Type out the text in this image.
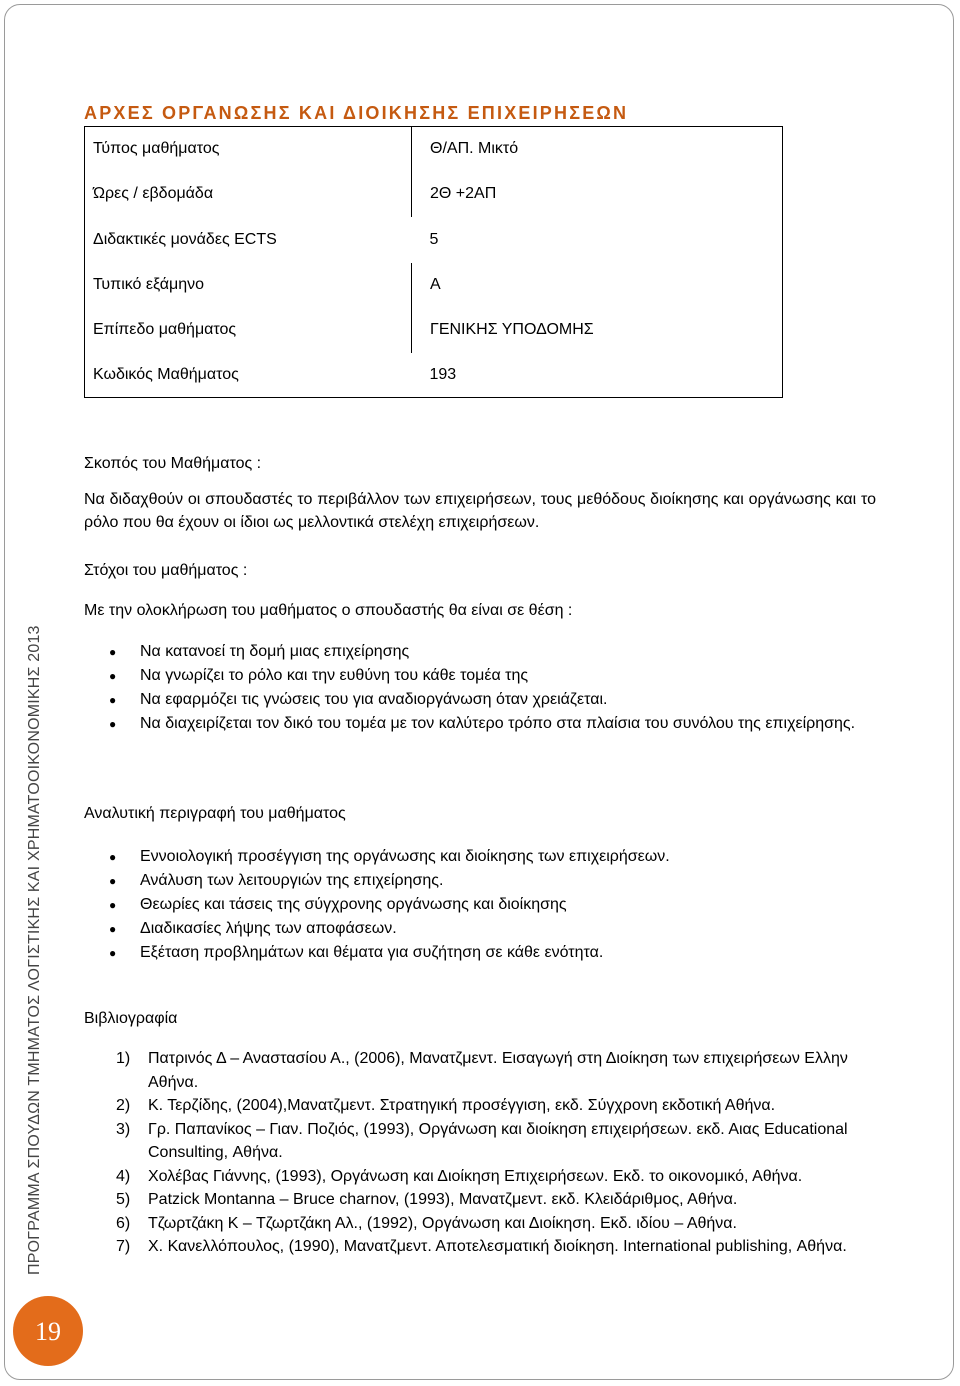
ΠΡΟΓΡΑΜΜΑ ΣΠΟΥΔΩΝ ΤΜΗΜΑΤΟΣ ΛΟΓΙΣΤΙΚΗΣ ΚΑΙ ΧΡΗΜΑΤΟΟΙΚΟΝΟΜΙΚΗΣ 2013
19
ΑΡΧΕΣ ΟΡΓΑΝΩΣΗΣ ΚΑΙ ΔΙΟΙΚΗΣΗΣ ΕΠΙΧΕΙΡΗΣΕΩΝ
Τύπος μαθήματος	Θ/ΑΠ. Μικτό
Ώρες / εβδομάδα	2Θ +2ΑΠ
Διδακτικές μονάδες ECTS	5
Τυπικό εξάμηνο	Α
Επίπεδο μαθήματος	ΓΕΝΙΚΗΣ ΥΠΟΔΟΜΗΣ
Κωδικός Μαθήματος	193
Σκοπός του Μαθήματος :

Να διδαχθούν οι σπουδαστές το περιβάλλον των επιχειρήσεων, τους μεθόδους διοίκησης και οργάνωσης και το ρόλο που θα έχουν οι ίδιοι ως μελλοντικά στελέχη επιχειρήσεων.

Στόχοι του μαθήματος :
Με την ολοκλήρωση του μαθήματος ο σπουδαστής θα είναι σε θέση :
● Να κατανοεί τη δομή μιας επιχείρησης
● Να γνωρίζει το ρόλο και την ευθύνη του κάθε τομέα της
● Να εφαρμόζει τις γνώσεις του για αναδιοργάνωση όταν χρειάζεται.
● Να διαχειρίζεται τον δικό του τομέα με τον καλύτερο τρόπο στα πλαίσια του συνόλου της επιχείρησης.
Αναλυτική περιγραφή του μαθήματος
● Εννοιολογική προσέγγιση της οργάνωσης και διοίκησης των επιχειρήσεων.
● Ανάλυση των λειτουργιών της επιχείρησης.
● Θεωρίες και τάσεις της σύγχρονης οργάνωσης και διοίκησης
● Διαδικασίες λήψης των αποφάσεων.
● Εξέταση προβλημάτων και θέματα για συζήτηση σε κάθε ενότητα.
Βιβλιογραφία
1) Πατρινός Δ – Αναστασίου Α., (2006), Μανατζμεντ. Εισαγωγή στη Διοίκηση των επιχειρήσεων Ελλην Αθήνα.
2) Κ. Τερζίδης, (2004),Μανατζμεντ. Στρατηγική προσέγγιση, εκδ. Σύγχρονη εκδοτική Αθήνα.
3) Γρ. Παπανίκος – Γιαν. Ποζιός, (1993), Οργάνωση και διοίκηση επιχειρήσεων. εκδ. Αιας Educational Consulting, Αθήνα.
4) Χολέβας Γιάννης, (1993), Οργάνωση και Διοίκηση Επιχειρήσεων. Εκδ. το οικονομικό, Αθήνα.
5) Patzick Montanna – Bruce charnov, (1993), Μανατζμεντ. εκδ. Κλειδάριθμος, Αθήνα.
6) Τζωρτζάκη Κ – Τζωρτζάκη Αλ., (1992), Οργάνωση και Διοίκηση. Εκδ. ιδίου – Αθήνα.
7) Χ. Κανελλόπουλος, (1990), Μανατζμεντ. Αποτελεσματική διοίκηση. International publishing, Αθήνα.
